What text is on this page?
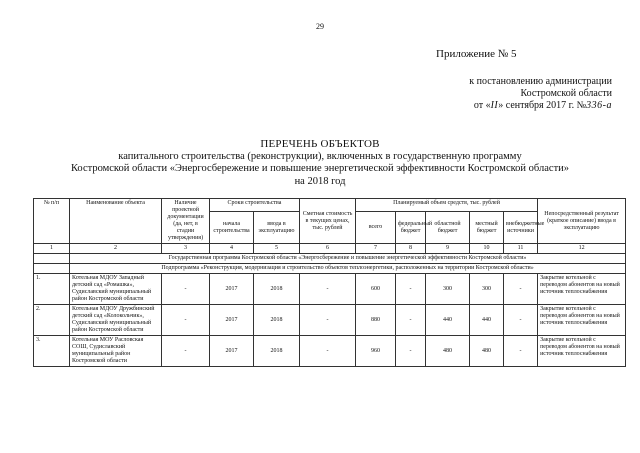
29
Приложение № 5
к постановлению администрации
Костромской области
от «II» сентября 2017 г. №336-а
ПЕРЕЧЕНЬ ОБЪЕКТОВ
капитального строительства (реконструкции), включенных в государственную программу
Костромской области «Энергосбережение и повышение энергетической эффективности Костромской области»
на 2018 год
№ п/п	Наименование объекта	Наличие проектной документации (да, нет, в стадии утверждения)	Сроки строительства		Сметная стоимость в текущих ценах, тыс. рублей	Планируемый объем средств, тыс. рублей					Непосредственный результат (краткое описание) ввода в эксплуатацию
			начала строительства	ввода в эксплуатацию		всего	федеральный бюджет	областной бюджет	местный бюджет	внебюджетные источники	
1	2	3	4	5	6	7	8	9	10	11	12
	Государственная программа Костромской области «Энергосбережение и повышение энергетической эффективности Костромской области»										
	Подпрограмма «Реконструкция, модернизация и строительство объектов теплоэнергетики, расположенных на территории Костромской области»										
1.	Котельная МДОУ Западный детский сад «Ромашка», Судиславский муниципальный район Костромской области	-	2017	2018	-	600	-	300	300	-	Закрытие котельной с переводом абонентов на новый источник теплоснабжения
2.	Котельная МДОУ Дружбинский детский сад «Колокольчик», Судиславский муниципальный район Костромской области	-	2017	2018	-	880	-	440	440	-	Закрытие котельной с переводом абонентов на новый источник теплоснабжения
3.	Котельная МОУ Расловская СОШ, Судиславский муниципальный район Костромской области	-	2017	2018	-	960	-	480	480	-	Закрытие котельной с переводом абонентов на новый источник теплоснабжения
